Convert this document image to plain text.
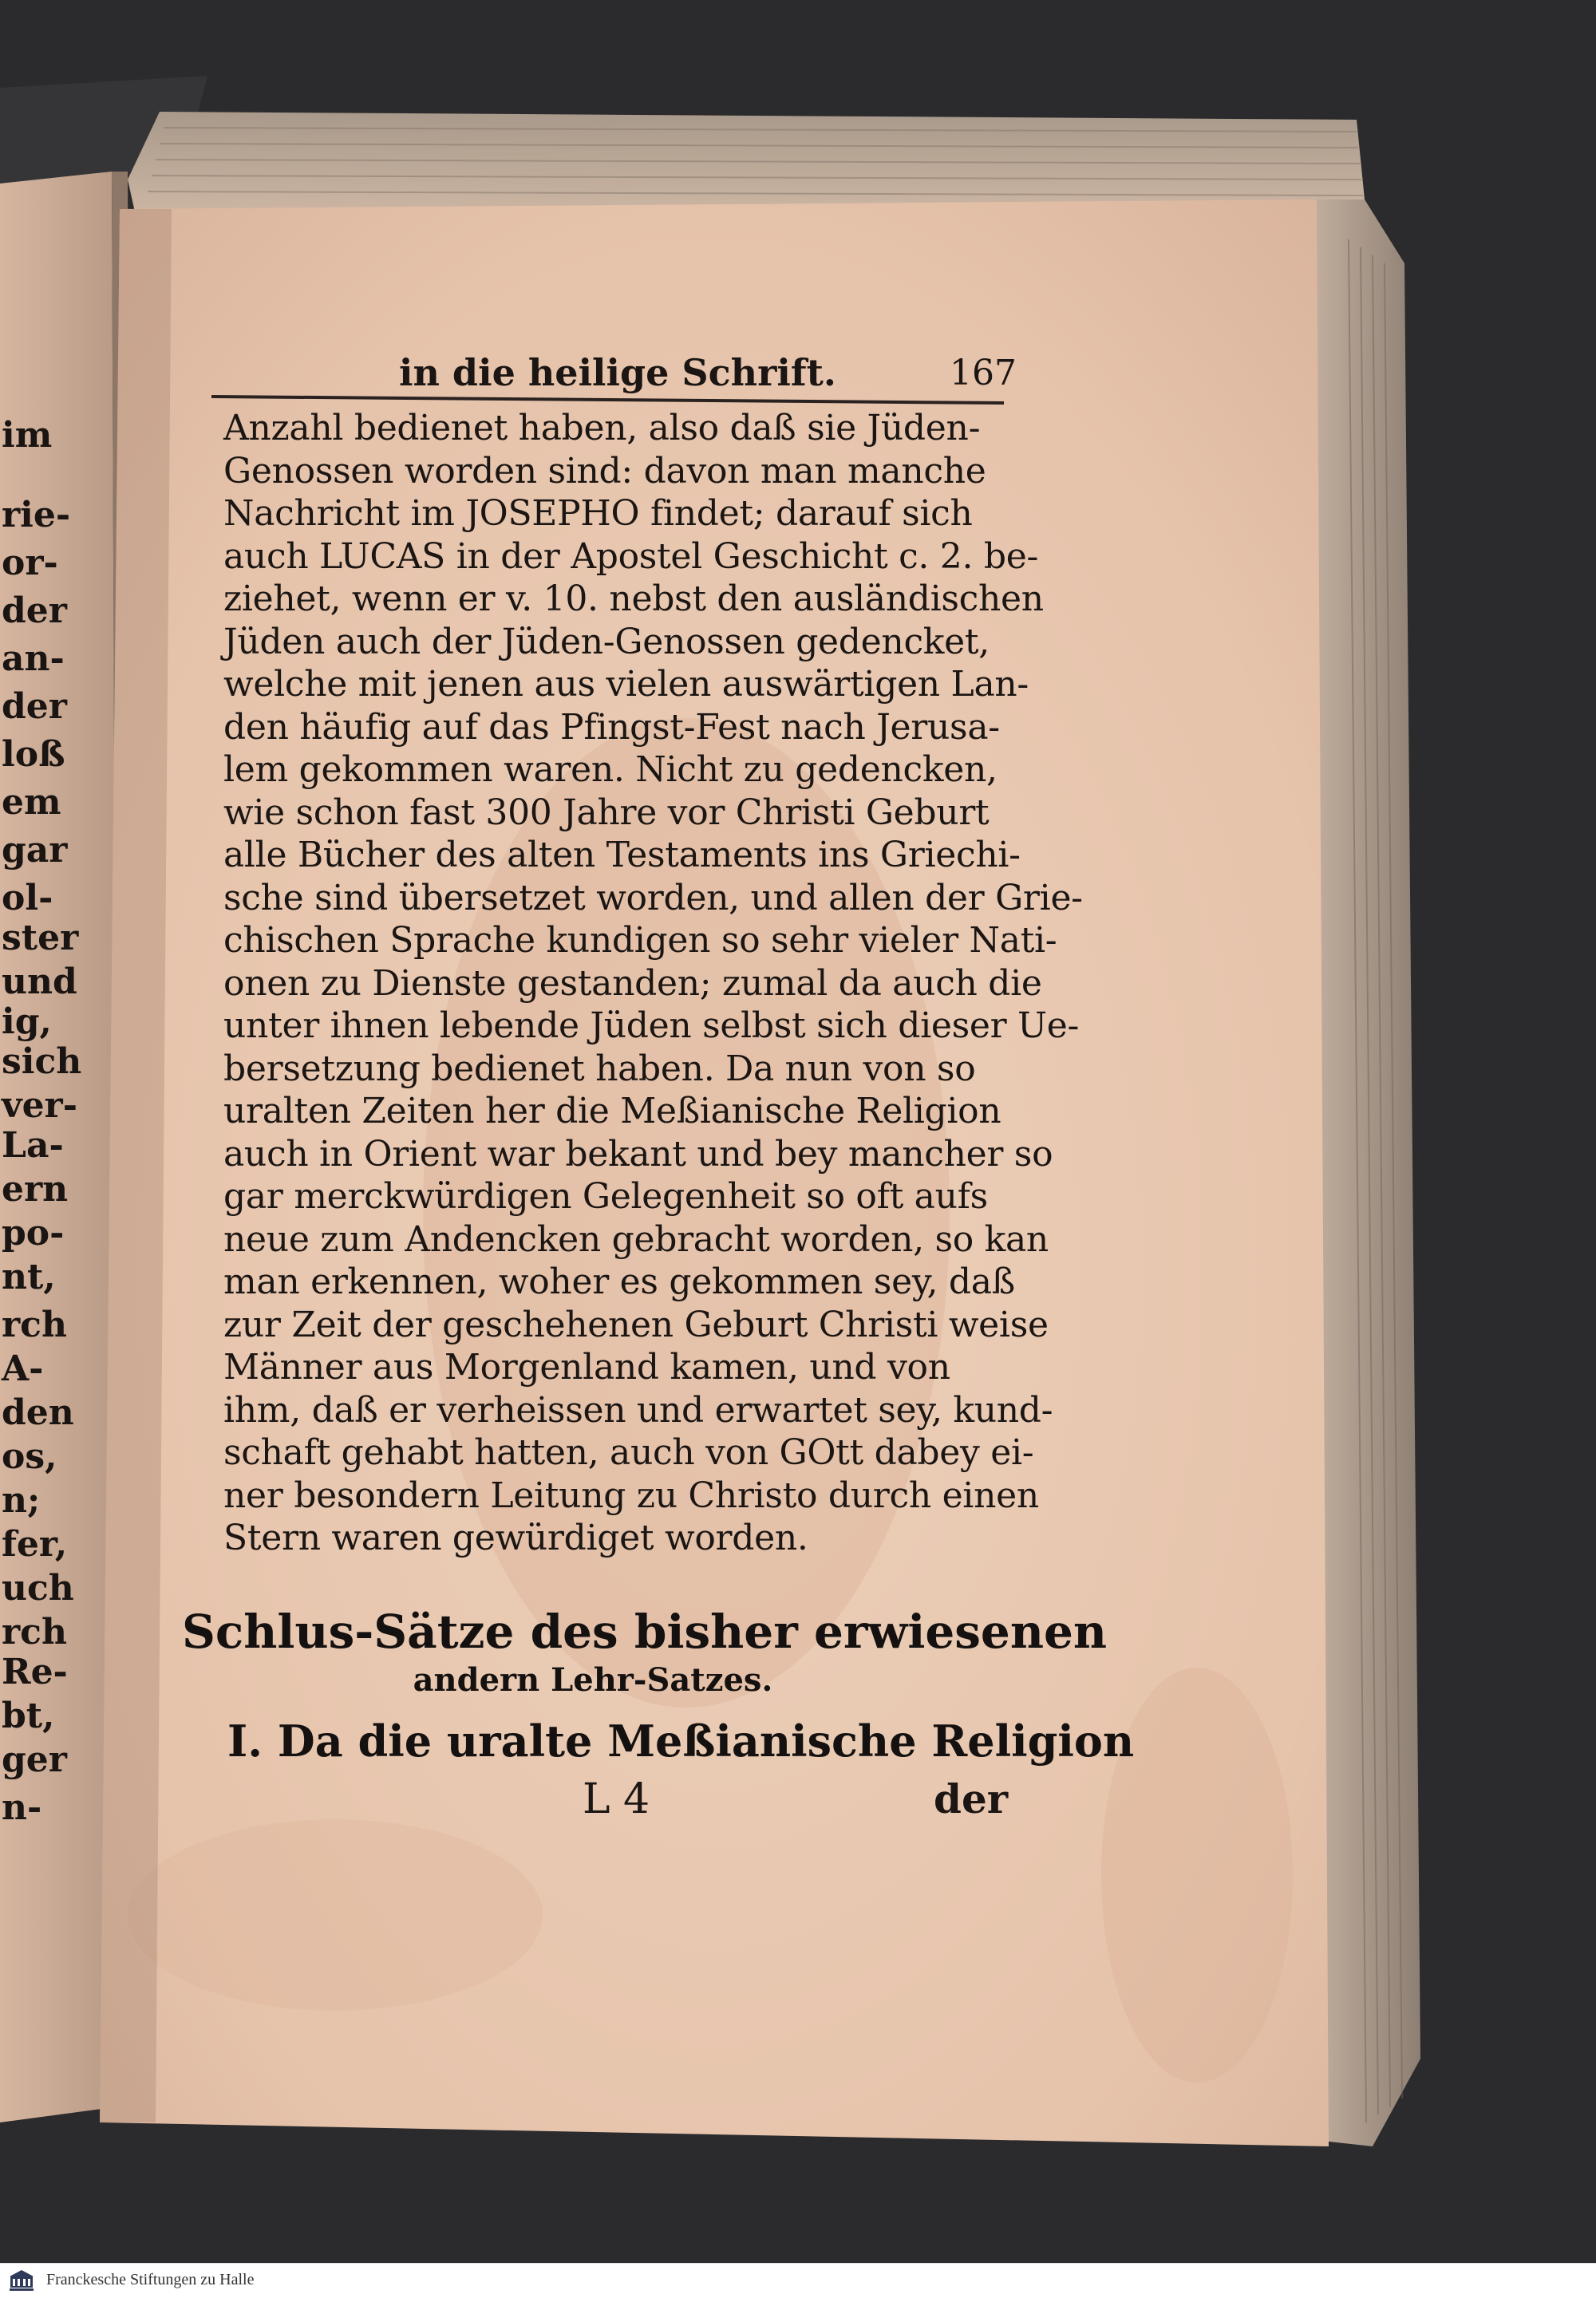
im
rie-
or-
der
an-
der
loß
em
gar
ol-
ster
und
ig,
sich
ver-
La-
ern
po-
nt,
rch
A-
den
os,
n;
fer,
uch
rch
Re-
bt,
ger
n-
in die heilige Schrift.	167
Anzahl bedienet haben, also daß sie Jüden-
Genossen worden sind: davon man manche
Nachricht im JOSEPHO findet; darauf sich
auch LUCAS in der Apostel Geschicht c. 2. be-
ziehet, wenn er v. 10. nebst den ausländischen
Jüden auch der Jüden-Genossen gedencket,
welche mit jenen aus vielen auswärtigen Lan-
den häufig auf das Pfingst-Fest nach Jerusa-
lem gekommen waren. Nicht zu gedencken,
wie schon fast 300 Jahre vor Christi Geburt
alle Bücher des alten Testaments ins Griechi-
sche sind übersetzet worden, und allen der Grie-
chischen Sprache kundigen so sehr vieler Nati-
onen zu Dienste gestanden; zumal da auch die
unter ihnen lebende Jüden selbst sich dieser Ue-
bersetzung bedienet haben. Da nun von so
uralten Zeiten her die Meßianische Religion
auch in Orient war bekant und bey mancher so
gar merckwürdigen Gelegenheit so oft aufs
neue zum Andencken gebracht worden, so kan
man erkennen, woher es gekommen sey, daß
zur Zeit der geschehenen Geburt Christi weise
Männer aus Morgenland kamen, und von
ihm, daß er verheissen und erwartet sey, kund-
schaft gehabt hatten, auch von GOtt dabey ei-
ner besondern Leitung zu Christo durch einen
Stern waren gewürdiget worden.
Schlus-Sätze des bisher erwiesenen
andern Lehr-Satzes.
I. Da die uralte Meßianische Religion
L 4	der
Franckesche Stiftungen zu Halle
